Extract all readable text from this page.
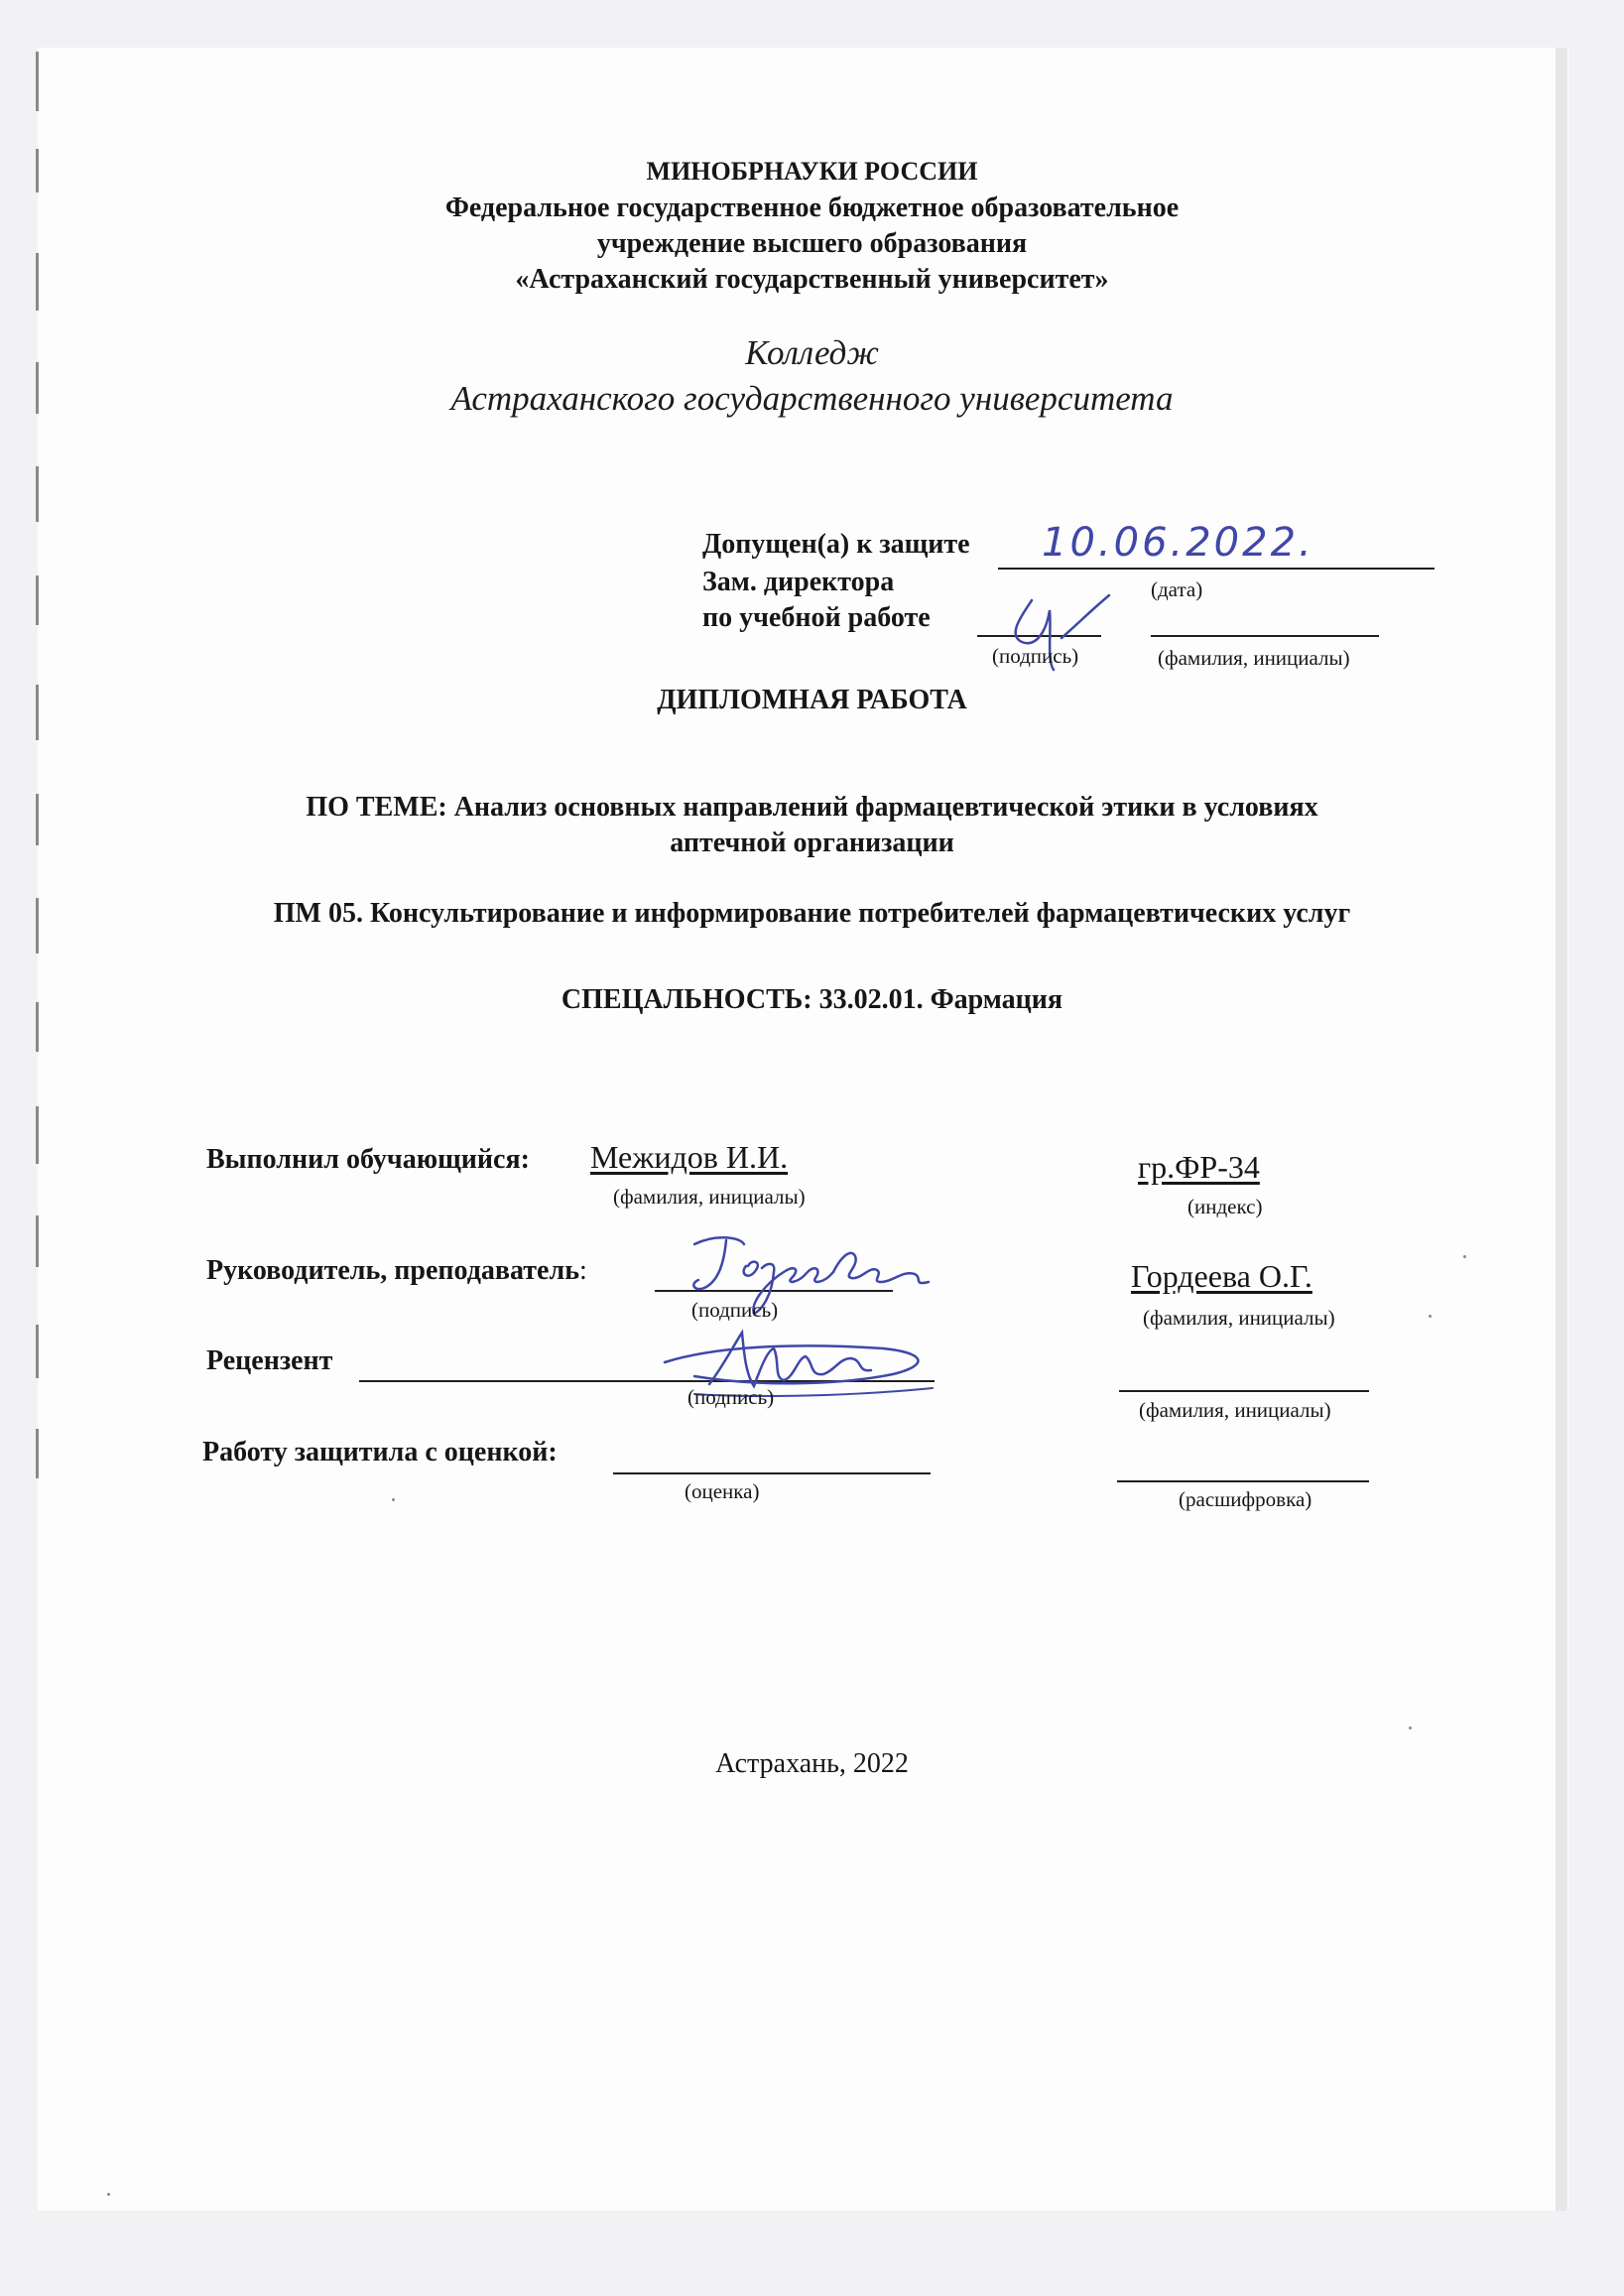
МИНОБРНАУКИ РОССИИ
Федеральное государственное бюджетное образовательное
учреждение высшего образования
«Астраханский государственный университет»
Колледж
Астраханского государственного университета
Допущен(а) к защите 10.06.2022.
Зам. директора	(дата)
по учебной работе
(подпись)	(фамилия, инициалы)
ДИПЛОМНАЯ РАБОТА
ПО ТЕМЕ: Анализ основных направлений фармацевтической этики в условиях
аптечной организации
ПМ 05. Консультирование и информирование потребителей фармацевтических услуг
СПЕЦАЛЬНОСТЬ: 33.02.01. Фармация
Выполнил обучающийся: Межидов И.И.
(фамилия, инициалы)
гр.ФР-34
(индекс)
Руководитель, преподаватель:
(подпись)
Гордеева О.Г.
(фамилия, инициалы)
Рецензент
(подпись)
(фамилия, инициалы)
Работу защитила с оценкой:
(оценка)	(расшифровка)
Астрахань, 2022
